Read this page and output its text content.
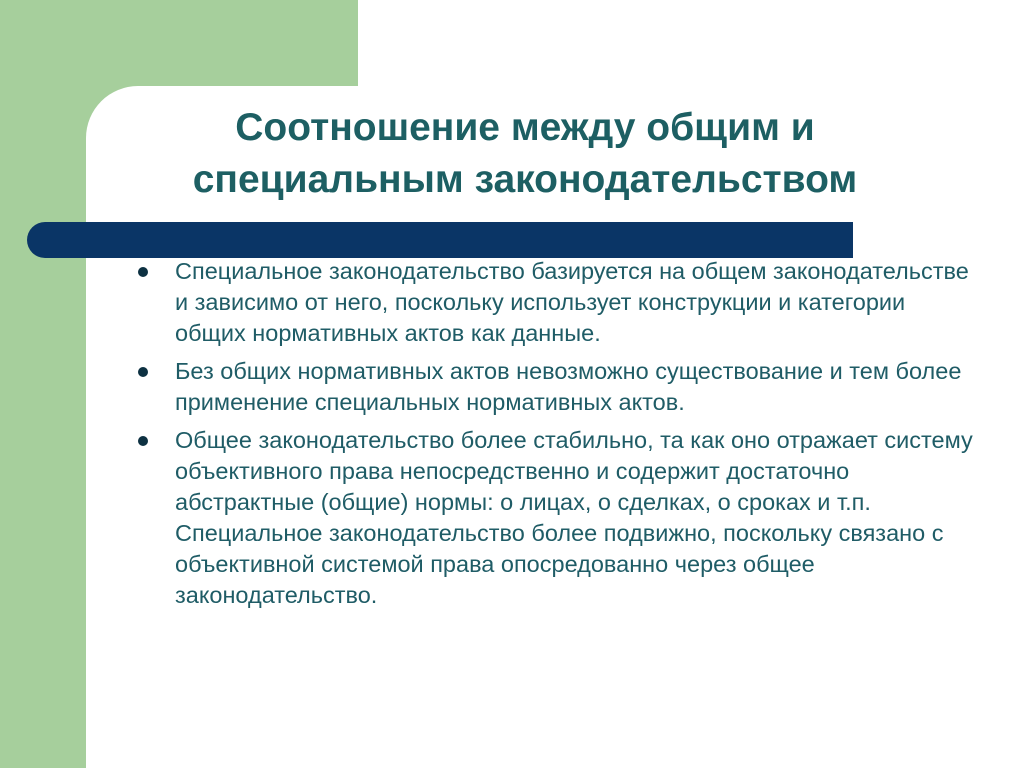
Соотношение между общим и
специальным законодательством
Специальное законодательство базируется на общем законодательстве и зависимо от него, поскольку использует конструкции и категории общих нормативных актов как данные.
Без общих нормативных актов невозможно существование и тем более применение специальных нормативных актов.
Общее законодательство более стабильно, та как оно отражает систему объективного права непосредственно и содержит достаточно абстрактные (общие) нормы: о лицах, о сделках, о сроках и т.п. Специальное законодательство более подвижно, поскольку связано с объективной системой права опосредованно через общее законодательство.
